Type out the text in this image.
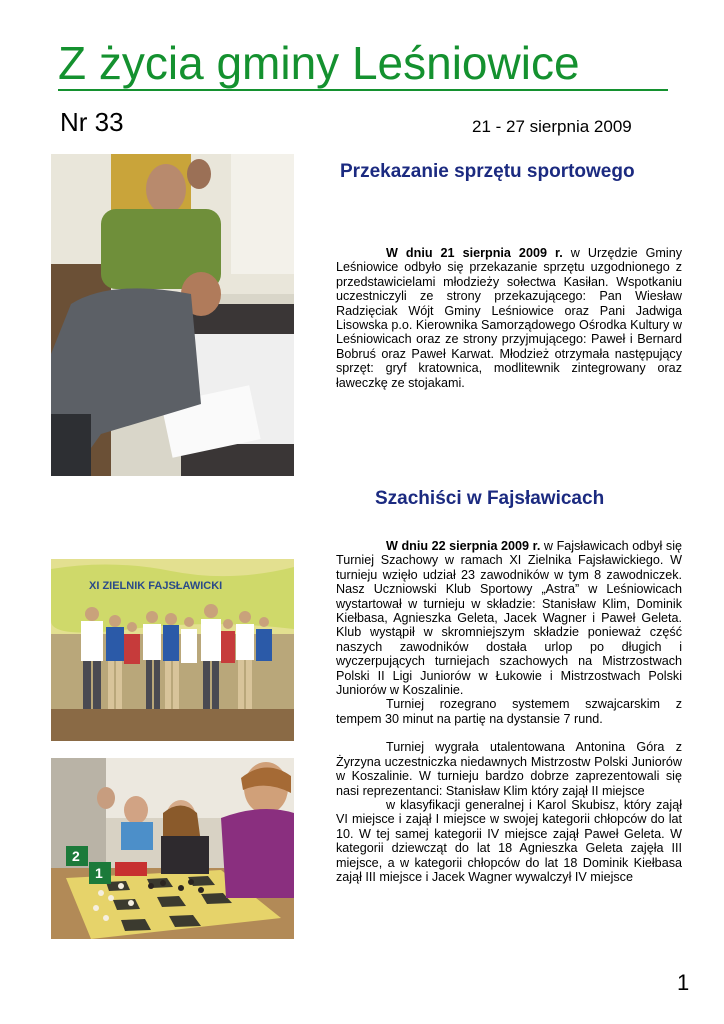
Z życia gminy Leśniowice
Nr 33	21 - 27 sierpnia 2009
Przekazanie sprzętu sportowego

W dniu 21 sierpnia 2009 r. w Urzędzie Gminy Leśniowice odbyło się przekazanie sprzętu uzgodnionego z przedstawicielami młodzieży sołectwa Kasiłan. Wspotkaniu uczestniczyli ze strony przekazującego: Pan Wiesław Radzięciak Wójt Gminy Leśniowice oraz Pani Jadwiga Lisowska p.o. Kierownika Samorządowego Ośrodka Kultury w Leśniowicach oraz ze strony przyjmującego: Paweł i Bernard Bobruś oraz Paweł Karwat. Młodzież otrzymała następujący sprzęt: gryf kratownica, modlitewnik zintegrowany oraz ławeczkę ze stojakami.

Szachiści w Fajsławicach
XI ZIELNIK FAJSŁAWICKI

W dniu 22 sierpnia 2009 r. w Fajsławicach odbył się Turniej Szachowy w ramach XI Zielnika Fajsławickiego. W turnieju wzięło udział 23 zawodników w tym 8 zawodniczek. Nasz Uczniowski Klub Sportowy „Astra” w Leśniowicach wystartował w turnieju w składzie: Stanisław Klim, Dominik Kiełbasa, Agnieszka Geleta, Jacek Wagner i Paweł Geleta. Klub wystąpił w skromniejszym składzie ponieważ część naszych zawodników dostała urlop po długich i wyczerpujących turniejach szachowych na Mistrzostwach Polski II Ligi Juniorów w Łukowie i Mistrzostwach Polski Juniorów w Koszalinie.

Turniej rozegrano systemem szwajcarskim z tempem 30 minut na partię na dystansie 7 rund.

Turniej wygrała utalentowana Antonina Góra z Żyrzyna uczestniczka niedawnych Mistrzostw Polski Juniorów w Koszalinie. W turnieju bardzo dobrze zaprezentowali się nasi reprezentanci: Stanisław Klim który zajął II miejsce

w klasyfikacji generalnej i Karol Skubisz, który zajął VI miejsce i zajął I miejsce w swojej kategorii chłopców do lat 10. W tej samej kategorii IV miejsce zajął Paweł Geleta. W kategorii dziewcząt do lat 18 Agnieszka Geleta zajęła III miejsce, a w kategorii chłopców do lat 18 Dominik Kiełbasa zajął III miejsce i Jacek Wagner wywalczył IV miejsce

2
1
1
